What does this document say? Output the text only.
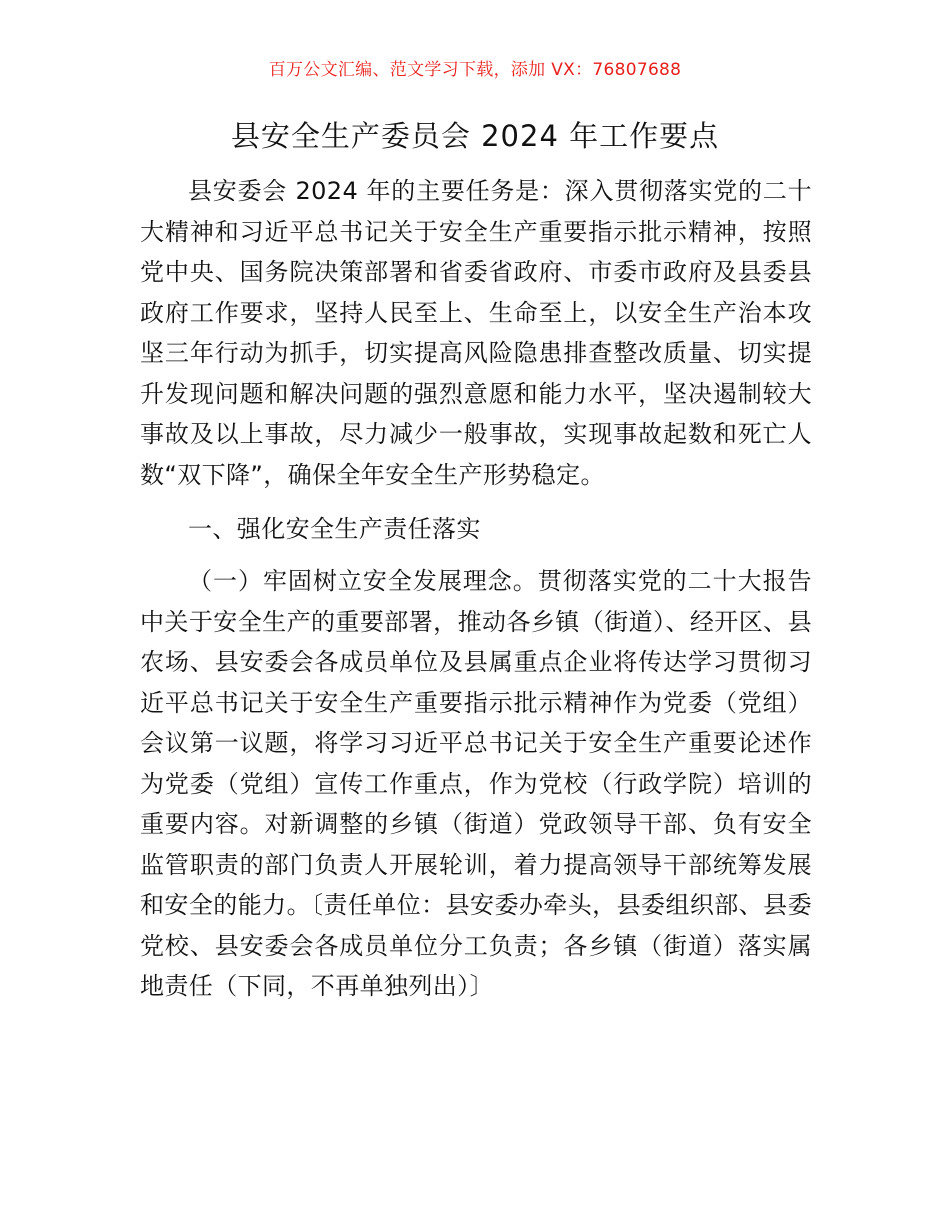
百万公文汇编、范文学习下载，添加 VX：76807688
县安全生产委员会 2024 年工作要点

县安委会 2024 年的主要任务是：深入贯彻落实党的二十大精神和习近平总书记关于安全生产重要指示批示精神，按照党中央、国务院决策部署和省委省政府、市委市政府及县委县政府工作要求，坚持人民至上、生命至上，以安全生产治本攻坚三年行动为抓手，切实提高风险隐患排查整改质量、切实提升发现问题和解决问题的强烈意愿和能力水平，坚决遏制较大事故及以上事故，尽力减少一般事故，实现事故起数和死亡人数“双下降”，确保全年安全生产形势稳定。

一、强化安全生产责任落实

（一）牢固树立安全发展理念。贯彻落实党的二十大报告中关于安全生产的重要部署，推动各乡镇（街道）、经开区、县农场、县安委会各成员单位及县属重点企业将传达学习贯彻习近平总书记关于安全生产重要指示批示精神作为党委（党组）会议第一议题，将学习习近平总书记关于安全生产重要论述作为党委（党组）宣传工作重点，作为党校（行政学院）培训的重要内容。对新调整的乡镇（街道）党政领导干部、负有安全监管职责的部门负责人开展轮训，着力提高领导干部统筹发展和安全的能力。〔责任单位：县安委办牵头，县委组织部、县委党校、县安委会各成员单位分工负责；各乡镇（街道）落实属地责任（下同，不再单独列出）〕
